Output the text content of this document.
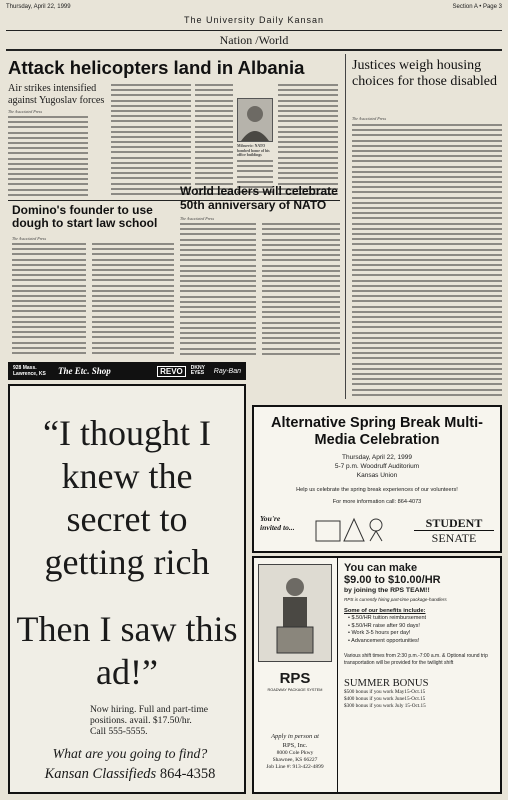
Thursday, April 22, 1999	Section A • Page 3
The University Daily Kansan
Nation /World
Attack helicopters land in Albania
Air strikes intensified against Yugoslav forces
The Associated Press
Milosevic: NATO bombed home of his office buildings
Justices weigh housing choices for those disabled
The Associated Press
Domino's founder to use dough to start law school
The Associated Press
World leaders will celebrate 50th anniversary of NATO
The Associated Press
928 Mass. Lawrence, KS	The Etc. Shop	REVO	DKNY EYES	Ray-Ban
“I thought I knew the secret to getting rich
Then I saw this ad!”
Now hiring. Full and part-time positions. avail. $17.50/hr. Call 555-5555.
What are you going to find?
Kansan Classifieds 864-4358
Alternative Spring Break Multi-Media Celebration
Thursday, April 22, 1999
5-7 p.m. Woodruff Auditorium
Kansas Union
Help us celebrate the spring break experiences of our volunteers!
For more information call: 864-4073
You're invited to...	STUDENT
SENATE
RPS
ROADWAY PACKAGE SYSTEM
Apply in person at
RPS, Inc.
8000 Cole Pkwy
Shawnee, KS 66227
Job Line #: 913-422-4899
You can make
$9.00 to $10.00/HR
by joining the RPS TEAM!!
RPS is currently hiring part-time package-handlers
Some of our benefits include:
• $.50/HR tuition reimbursement
• $.50/HR raise after 90 days!
• Work 3-5 hours per day!
• Advancement opportunities!
Various shift times from 2:30 p.m.-7:00 a.m. & Optional round trip transportation will be provided for the twilight shift
SUMMER BONUS
$500 bonus if you work May15-Oct.15
$400 bonus if you work June15-Oct.15
$300 bonus if you work July 15-Oct.15
